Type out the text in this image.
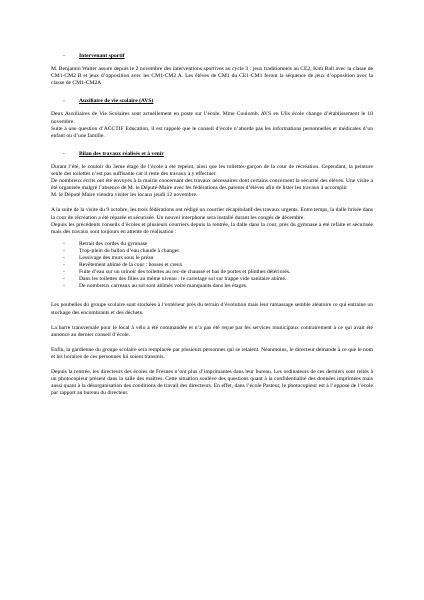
-	Intervenant sportif

M. Benjamin Walter assure depuis le 2 novembre des interventions sportives au cycle 3 : jeux traditionnels au CE2, Kim Ball avec la classe de CM1-CM2 B et jeux d’opposition avec les CM1-CM2 A. Les élèves de CM1 du CE1-CM1 feront la séquence de jeux d’opposition avec la classe de CM1-CM2A

-	Auxiliaire de vie scolaire (AVS)
Deux Auxiliaires de Vie Scolaires sont actuellement en poste sur l’école. Mme Coulomb, AVS en Ulis école change d’établissement le 10 novembre.
Suite à une question d’ACCTIF Education, il est rappelé que le conseil d’école n’aborde pas les informations personnelles et médicales d’un enfant ou d’une famille.
-	Bilan des travaux réalisés et à venir
Durant l’été, le couloir du 3eme étage de l’école a été repeint, ainsi que les toilettes-garçon de la cour de récréation. Cependant, la peinture seule des toilettes n’est pas suffisante car il reste des travaux à y effectuer.
De nombreux écrits ont été envoyés à la mairie concernant des travaux nécessaires dont certains concernent la sécurité des élèves. Une visite a été organisée malgré l’absence de M. le Député-Maire avec les fédérations des parents d’élèves afin de lister les travaux à accomplir
M. le Député Maire viendra visiter les locaux jeudi 12 novembre.
A la suite de la visite du 9 octobre, les trois fédérations ont rédigé un courrier récapitulatif des travaux urgents. Entre temps, la dalle brisée dans la cour de récréation a été réparée et sécurisée. Un nouvel interphone sera installé durant les congés de décembre.
Depuis les précédents conseils d’écoles et plusieurs courriers depuis la rentrée, la dalle dans la cour, près du gymnase a été refaite et sécurisée mais des travaux sont toujours en attente de réalisation :
-	Retrait des cordes du gymnase
-	Trop-plein du ballon d’eau chaude à changer.
-	Lessivage des murs sous le préau
-	Revêtement abîmé de la cour : bosses et creux
-	Fuite d’eau sur un urinoir des toilettes au rez-de chaussé et bas de portes et plinthes détériorés.
-	Dans les toilettes des filles au même niveau : le carrelage sol sur trappe vide sanitaire abîmé.
-	De nombreux carreaux au sol sont abîmés voire manquants dans les étages.

Les poubelles du groupe scolaire sont stockées à l’extérieur près du terrain d’évolution mais leur ramassage semble aléatoire ce qui entraine un stockage des encombrants et des déchets.

La barre transversale pour le local à vélo a été commandée et n’a pas été reçue par les services municipaux contrairement à ce qui avait été annoncé au dernier conseil d’école.

Enfin, la gardienne du groupe scolaire sera remplacée par plusieurs personnes qui se relaient. Néanmoins, le directeur demande à ce que le nom et les horaires de ces personnes lui soient transmis.

Depuis la rentrée, les directeurs des écoles de Fresnes n’ont plus d’imprimantes dans leur bureau. Les ordinateurs de ces derniers sont reliés à un photocopieur présent dans la salle des maîtres. Cette situation soulève des questions quant à la confidentialité des données imprimées mais aussi quant à la désorganisation des conditions de travail des directeurs. En effet, dans l’école Pasteur, le photocopieur est à l’opposé de l’école par rapport au bureau du directeur.
